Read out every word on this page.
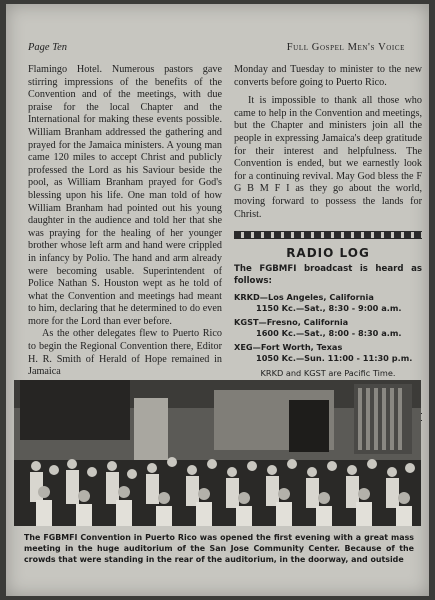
Page Ten	Full Gospel Men's Voice

Flamingo Hotel. Numerous pastors gave stirring impressions of the benefits of the Convention and of the meetings, with due praise for the local Chapter and the International for making these events possible. William Branham addressed the gathering and prayed for the Jamaica ministers. A young man came 120 miles to accept Christ and publicly professed the Lord as his Saviour beside the pool, as William Branham prayed for God's blessing upon his life. One man told of how William Branham had pointed out his young daughter in the audience and told her that she was praying for the healing of her younger brother whose left arm and hand were crippled in infancy by Polio. The hand and arm already were becoming usable. Superintendent of Police Nathan S. Houston wept as he told of what the Convention and meetings had meant to him, declaring that he determined to do even more for the Lord than ever before.

As the other delegates flew to Puerto Rico to begin the Regional Convention there, Editor H. R. Smith of Herald of Hope remained in Jamaica

Monday and Tuesday to minister to the new converts before going to Puerto Rico.

It is impossible to thank all those who came to help in the Convention and meetings, but the Chapter and ministers join all the people in expressing Jamaica's deep gratitude for their interest and helpfulness. The Convention is ended, but we earnestly look for a continuing revival. May God bless the F G B M F I as they go about the world, moving forward to possess the lands for Christ.

RADIO LOG
The FGBMFI broadcast is heard as follows:
KRKD—Los Angeles, California
1150 Kc.—Sat., 8:30 - 9:00 a.m.
KGST—Fresno, California
1600 Kc.—Sat., 8:00 - 8:30 a.m.
XEG—Fort Worth, Texas
1050 Kc.—Sun. 11:00 - 11:30 p.m.
KRKD and KGST are Pacific Time.
The FGBMFI Convention in Puerto Rico was opened the first evening with a great mass meeting in the huge auditorium of the San Jose Community Center. Because of the crowds that were standing in the rear of the auditorium, in the doorway, and outside
